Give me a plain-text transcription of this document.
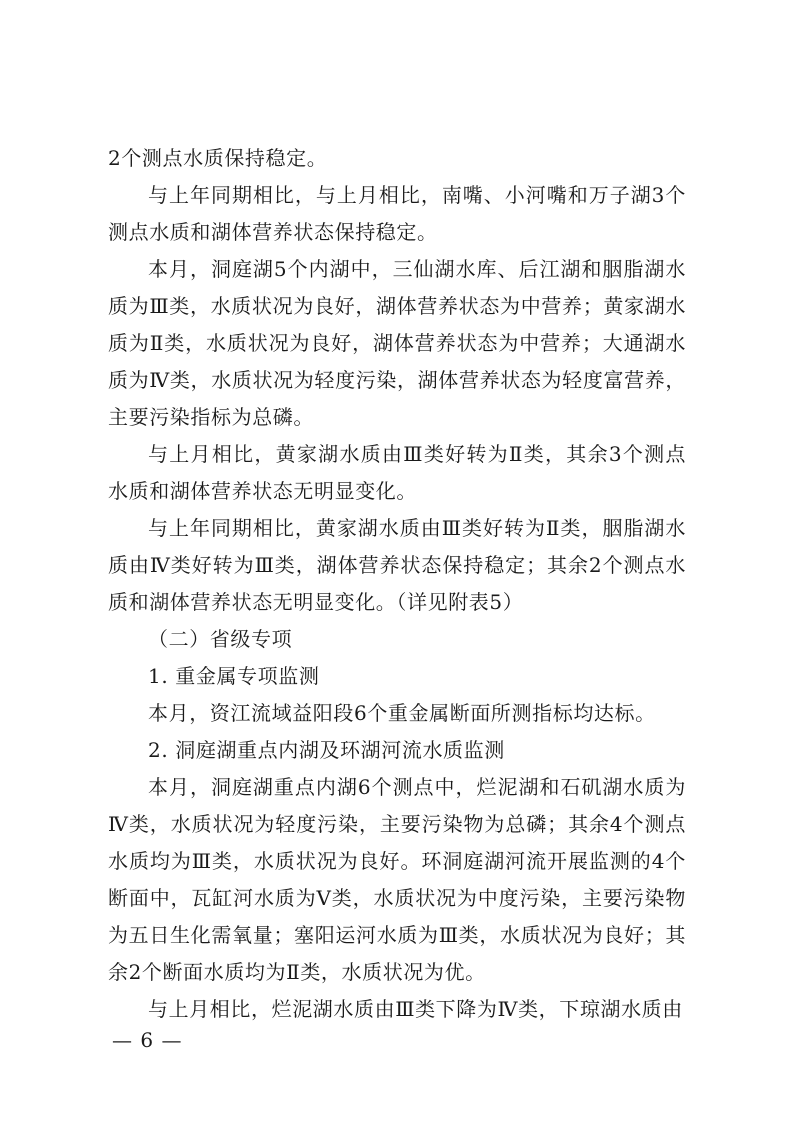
2个测点水质保持稳定。

与上年同期相比，与上月相比，南嘴、小河嘴和万子湖3个测点水质和湖体营养状态保持稳定。

本月，洞庭湖5个内湖中，三仙湖水库、后江湖和胭脂湖水质为Ⅲ类，水质状况为良好，湖体营养状态为中营养；黄家湖水质为Ⅱ类，水质状况为良好，湖体营养状态为中营养；大通湖水质为Ⅳ类，水质状况为轻度污染，湖体营养状态为轻度富营养，主要污染指标为总磷。

与上月相比，黄家湖水质由Ⅲ类好转为Ⅱ类，其余3个测点水质和湖体营养状态无明显变化。

与上年同期相比，黄家湖水质由Ⅲ类好转为Ⅱ类，胭脂湖水质由Ⅳ类好转为Ⅲ类，湖体营养状态保持稳定；其余2个测点水质和湖体营养状态无明显变化。（详见附表5）

（二）省级专项

1. 重金属专项监测

本月，资江流域益阳段6个重金属断面所测指标均达标。

2. 洞庭湖重点内湖及环湖河流水质监测

本月，洞庭湖重点内湖6个测点中，烂泥湖和石矶湖水质为Ⅳ类，水质状况为轻度污染，主要污染物为总磷；其余4个测点水质均为Ⅲ类，水质状况为良好。环洞庭湖河流开展监测的4个断面中，瓦缸河水质为Ⅴ类，水质状况为中度污染，主要污染物为五日生化需氧量；塞阳运河水质为Ⅲ类，水质状况为良好；其余2个断面水质均为Ⅱ类，水质状况为优。

与上月相比，烂泥湖水质由Ⅲ类下降为Ⅳ类，下琼湖水质由

— 6 —
